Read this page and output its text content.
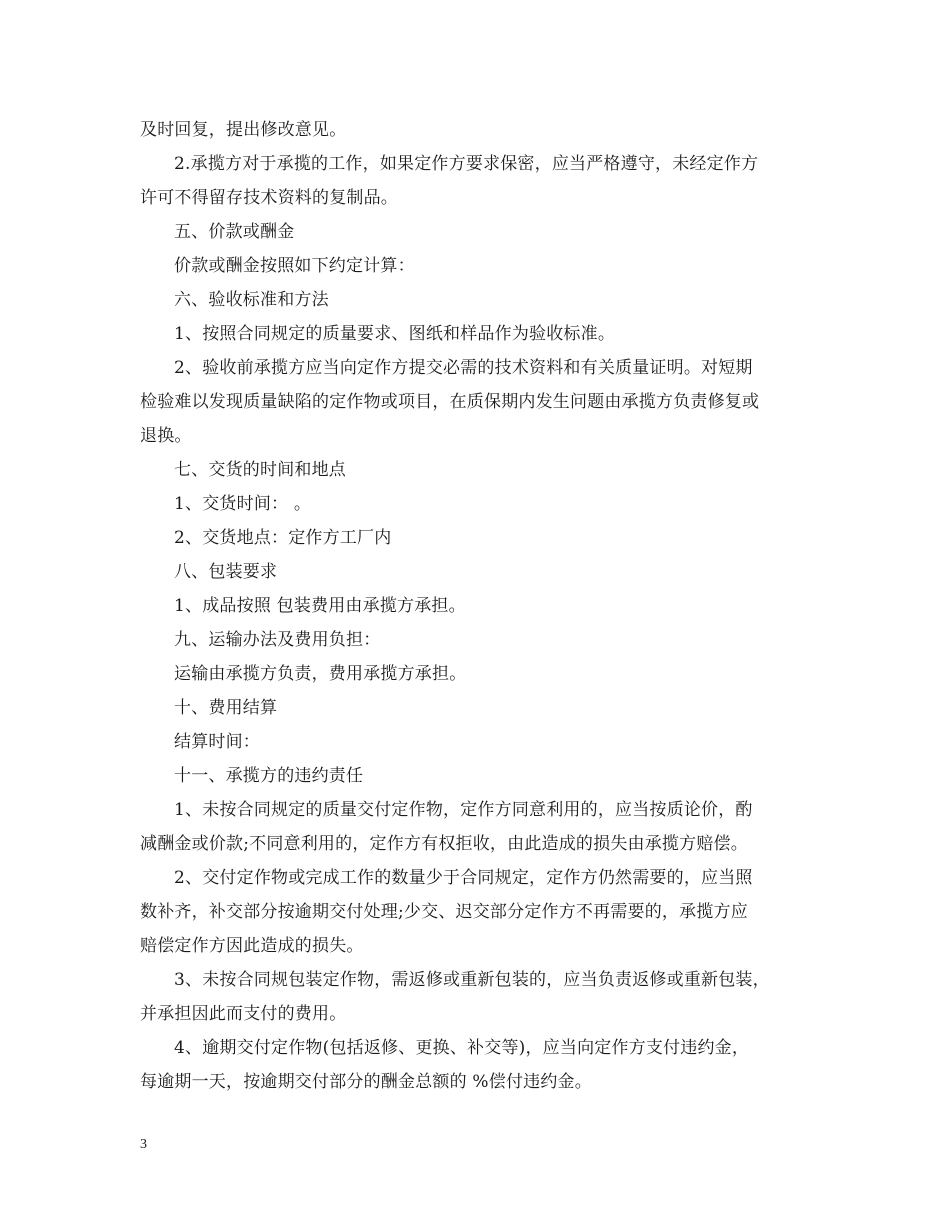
及时回复，提出修改意见。
2.承揽方对于承揽的工作，如果定作方要求保密，应当严格遵守，未经定作方
许可不得留存技术资料的复制品。
五、价款或酬金
价款或酬金按照如下约定计算：
六、验收标准和方法
1、按照合同规定的质量要求、图纸和样品作为验收标准。
2、验收前承揽方应当向定作方提交必需的技术资料和有关质量证明。对短期
检验难以发现质量缺陷的定作物或项目，在质保期内发生问题由承揽方负责修复或
退换。
七、交货的时间和地点
1、交货时间： 。
2、交货地点：定作方工厂内
八、包装要求
1、成品按照 包装费用由承揽方承担。
九、运输办法及费用负担：
运输由承揽方负责，费用承揽方承担。
十、费用结算
结算时间：
十一、承揽方的违约责任
1、未按合同规定的质量交付定作物，定作方同意利用的，应当按质论价，酌
减酬金或价款;不同意利用的，定作方有权拒收，由此造成的损失由承揽方赔偿。
2、交付定作物或完成工作的数量少于合同规定，定作方仍然需要的，应当照
数补齐，补交部分按逾期交付处理;少交、迟交部分定作方不再需要的，承揽方应
赔偿定作方因此造成的损失。
3、未按合同规包装定作物，需返修或重新包装的，应当负责返修或重新包装，
并承担因此而支付的费用。
4、逾期交付定作物(包括返修、更换、补交等)，应当向定作方支付违约金，
每逾期一天，按逾期交付部分的酬金总额的 %偿付违约金。
3
